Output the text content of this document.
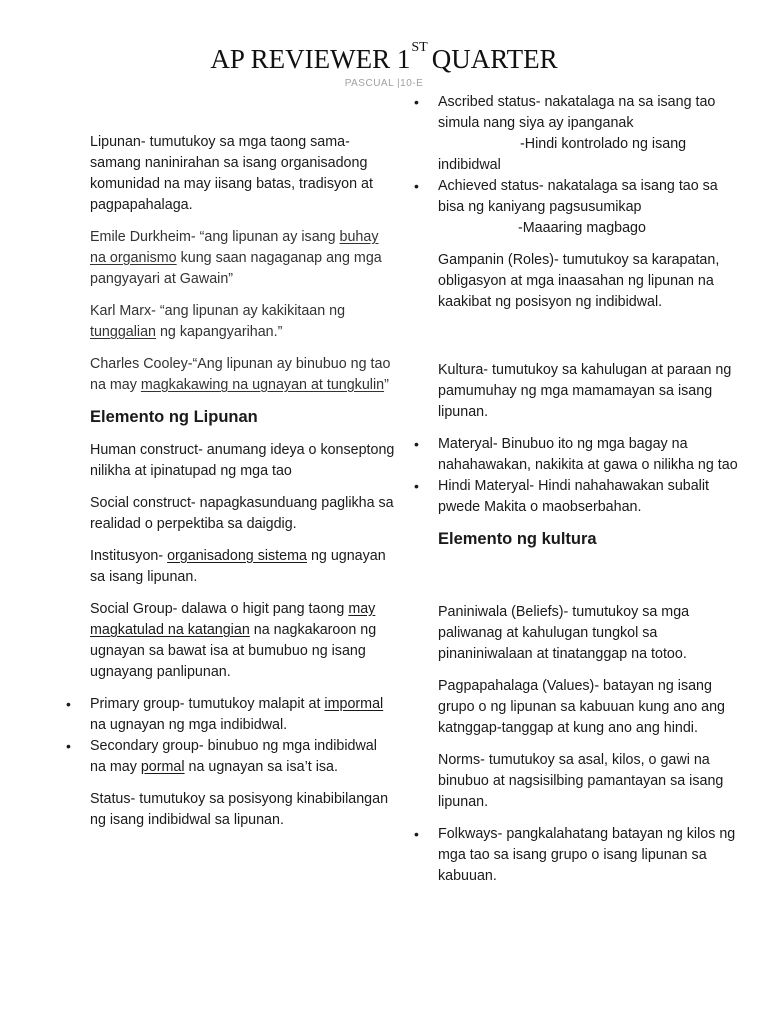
AP REVIEWER 1ST QUARTER
PASCUAL |10-E

Lipunan- tumutukoy sa mga taong sama-samang naninirahan sa isang organisadong komunidad na may iisang batas, tradisyon at pagpapahalaga.

Emile Durkheim- “ang lipunan ay isang buhay na organismo kung saan nagaganap ang mga pangyayari at Gawain”

Karl Marx- “ang lipunan ay kakikitaan ng tunggalian ng kapangyarihan.”

Charles Cooley-“Ang lipunan ay binubuo ng tao na may magkakawing na ugnayan at tungkulin”

Elemento ng Lipunan

Human construct- anumang ideya o konseptong nilikha at ipinatupad ng mga tao

Social construct- napagkasunduang paglikha sa realidad o perpektiba sa daigdig.

Institusyon- organisadong sistema ng ugnayan sa isang lipunan.

Social Group- dalawa o higit pang taong may magkatulad na katangian na nagkakaroon ng ugnayan sa bawat isa at bumubuo ng isang ugnayang panlipunan.

• Primary group- tumutukoy malapit at impormal na ugnayan ng mga indibidwal.
• Secondary group- binubuo ng mga indibidwal na may pormal na ugnayan sa isa’t isa.

Status- tumutukoy sa posisyong kinabibilangan ng isang indibidwal sa lipunan.

• Ascribed status- nakatalaga na sa isang tao simula nang siya ay ipanganak
-Hindi kontrolado ng isang
indibidwal
• Achieved status- nakatalaga sa isang tao sa bisa ng kaniyang pagsusumikap
-Maaaring magbago

Gampanin (Roles)- tumutukoy sa karapatan, obligasyon at mga inaasahan ng lipunan na kaakibat ng posisyon ng indibidwal.

Kultura- tumutukoy sa kahulugan at paraan ng pamumuhay ng mga mamamayan sa isang lipunan.

• Materyal- Binubuo ito ng mga bagay na nahahawakan, nakikita at gawa o nilikha ng tao
• Hindi Materyal- Hindi nahahawakan subalit pwede Makita o maobserbahan.
Elemento ng kultura

Paniniwala (Beliefs)- tumutukoy sa mga paliwanag at kahulugan tungkol sa pinaniniwalaan at tinatanggap na totoo.

Pagpapahalaga (Values)- batayan ng isang grupo o ng lipunan sa kabuuan kung ano ang katnggap-tanggap at kung ano ang hindi.

Norms- tumutukoy sa asal, kilos, o gawi na binubuo at nagsisilbing pamantayan sa isang lipunan.

• Folkways- pangkalahatang batayan ng kilos ng mga tao sa isang grupo o isang lipunan sa kabuuan.
